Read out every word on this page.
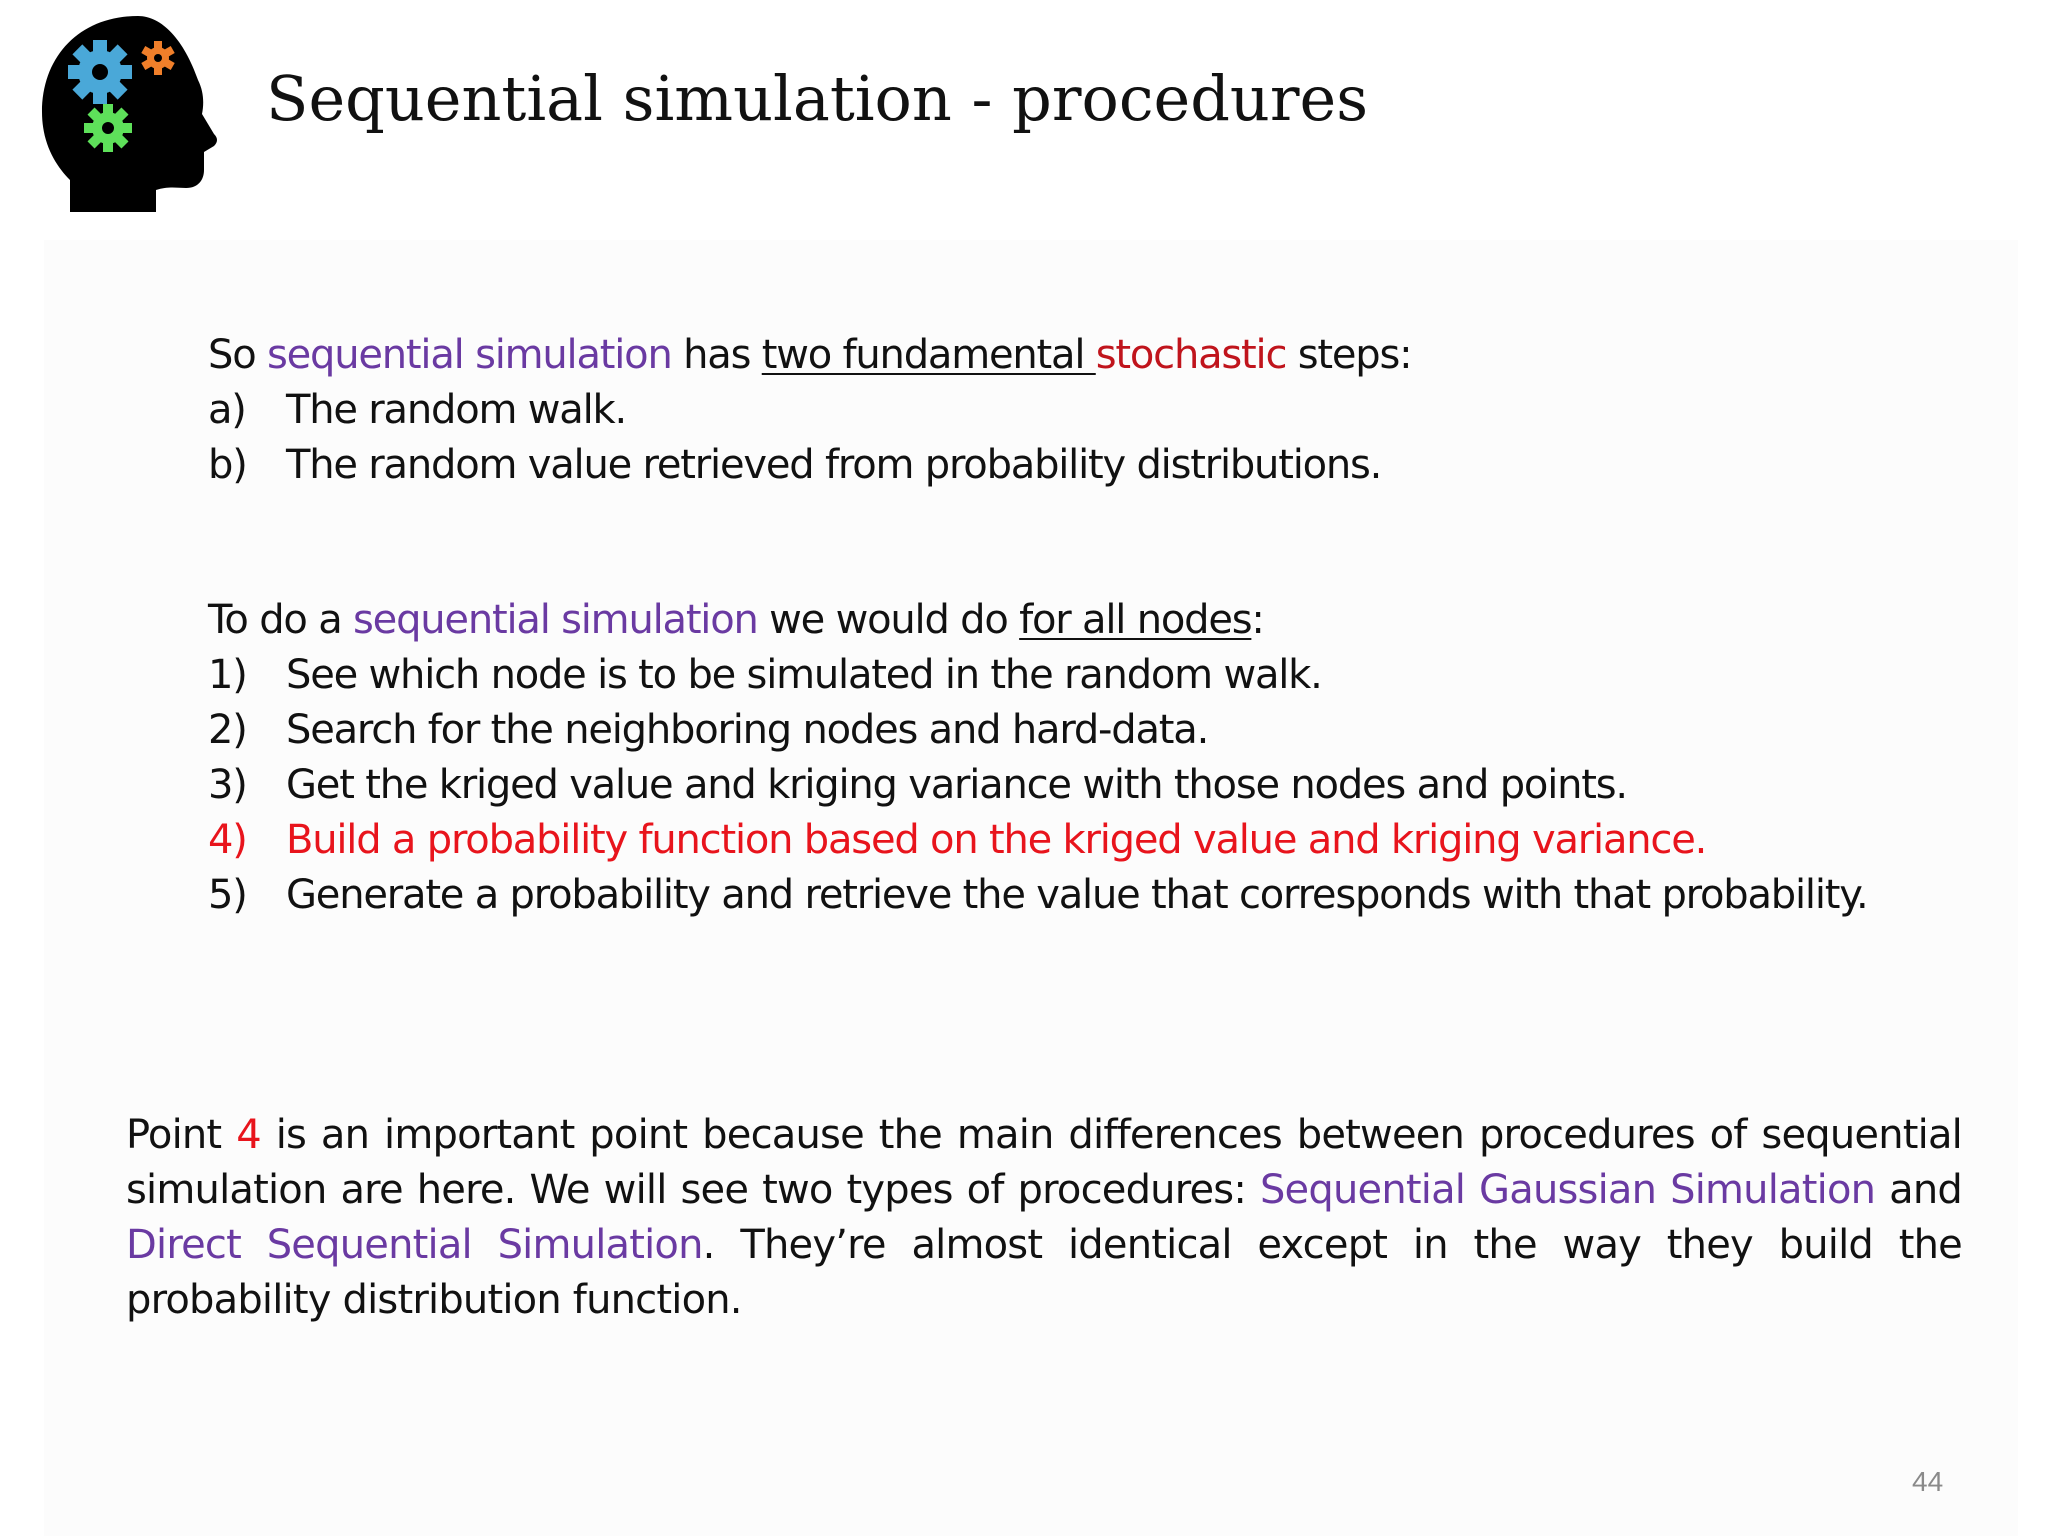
Sequential simulation - procedures
So sequential simulation has two fundamental stochastic steps:
a)	The random walk.
b) The random value retrieved from probability distributions.
To do a sequential simulation we would do for all nodes:
1) See which node is to be simulated in the random walk.
2) Search for the neighboring nodes and hard-data.
3) Get the kriged value and kriging variance with those nodes and points.
4) Build a probability function based on the kriged value and kriging variance.
5) Generate a probability and retrieve the value that corresponds with that probability.

Point 4 is an important point because the main differences between procedures of sequential simulation are here. We will see two types of procedures: Sequential Gaussian Simulation and Direct Sequential Simulation. They’re almost identical except in the way they build the probability distribution function.

44
